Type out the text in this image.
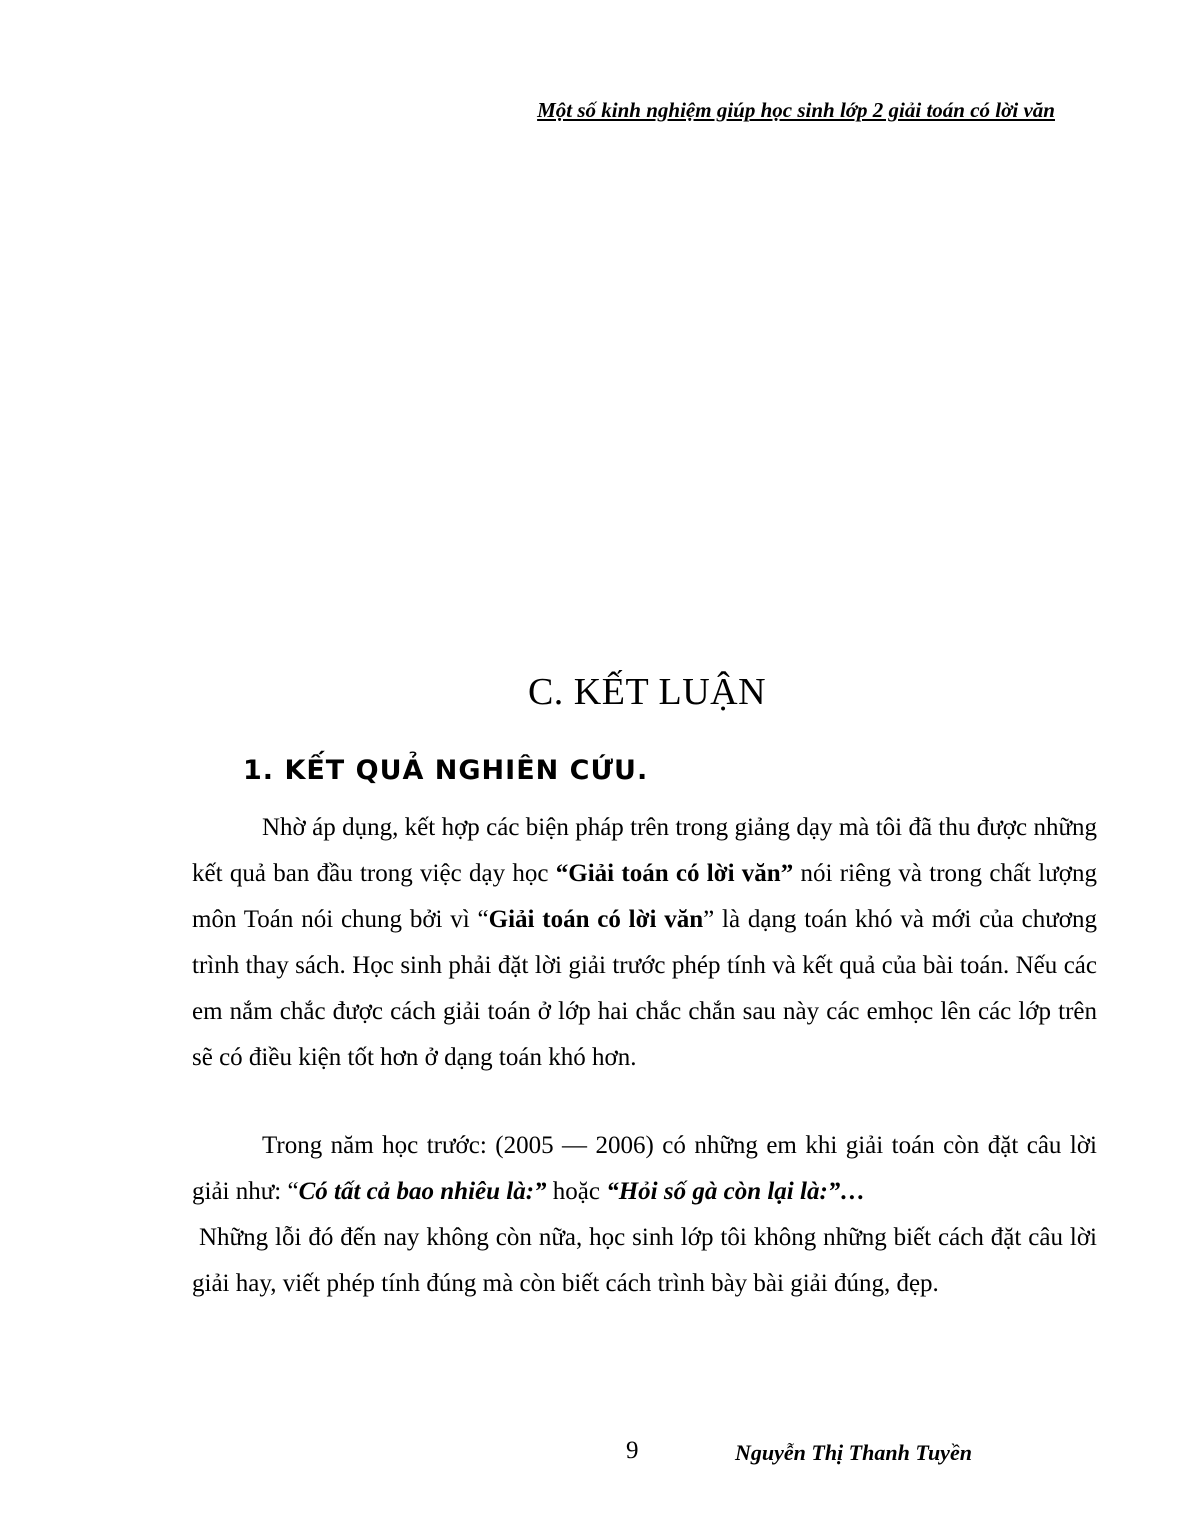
Một số kinh nghiệm giúp học sinh lớp 2 giải toán có lời văn
C. KẾT LUẬN
1. KẾT QUẢ NGHIÊN CỨU.
Nhờ áp dụng, kết hợp các biện pháp trên trong giảng dạy mà tôi đã thu được những kết quả ban đầu trong việc dạy học “Giải toán có lời văn” nói riêng và trong chất lượng môn Toán nói chung bởi vì “Giải toán có lời văn” là dạng toán khó và mới của chương trình thay sách. Học sinh phải đặt lời giải trước phép tính và kết quả của bài toán. Nếu các em nắm chắc được cách giải toán ở lớp hai chắc chắn sau này các emhọc lên các lớp trên sẽ có điều kiện tốt hơn ở dạng toán khó hơn.
Trong năm học trước: (2005 — 2006) có những em khi giải toán còn đặt câu lời giải như: “Có tất cả bao nhiêu là:” hoặc “Hỏi số gà còn lại là:”…
Những lỗi đó đến nay không còn nữa, học sinh lớp tôi không những biết cách đặt câu lời giải hay, viết phép tính đúng mà còn biết cách trình bày bài giải đúng, đẹp.
9	Nguyễn Thị Thanh Tuyền
